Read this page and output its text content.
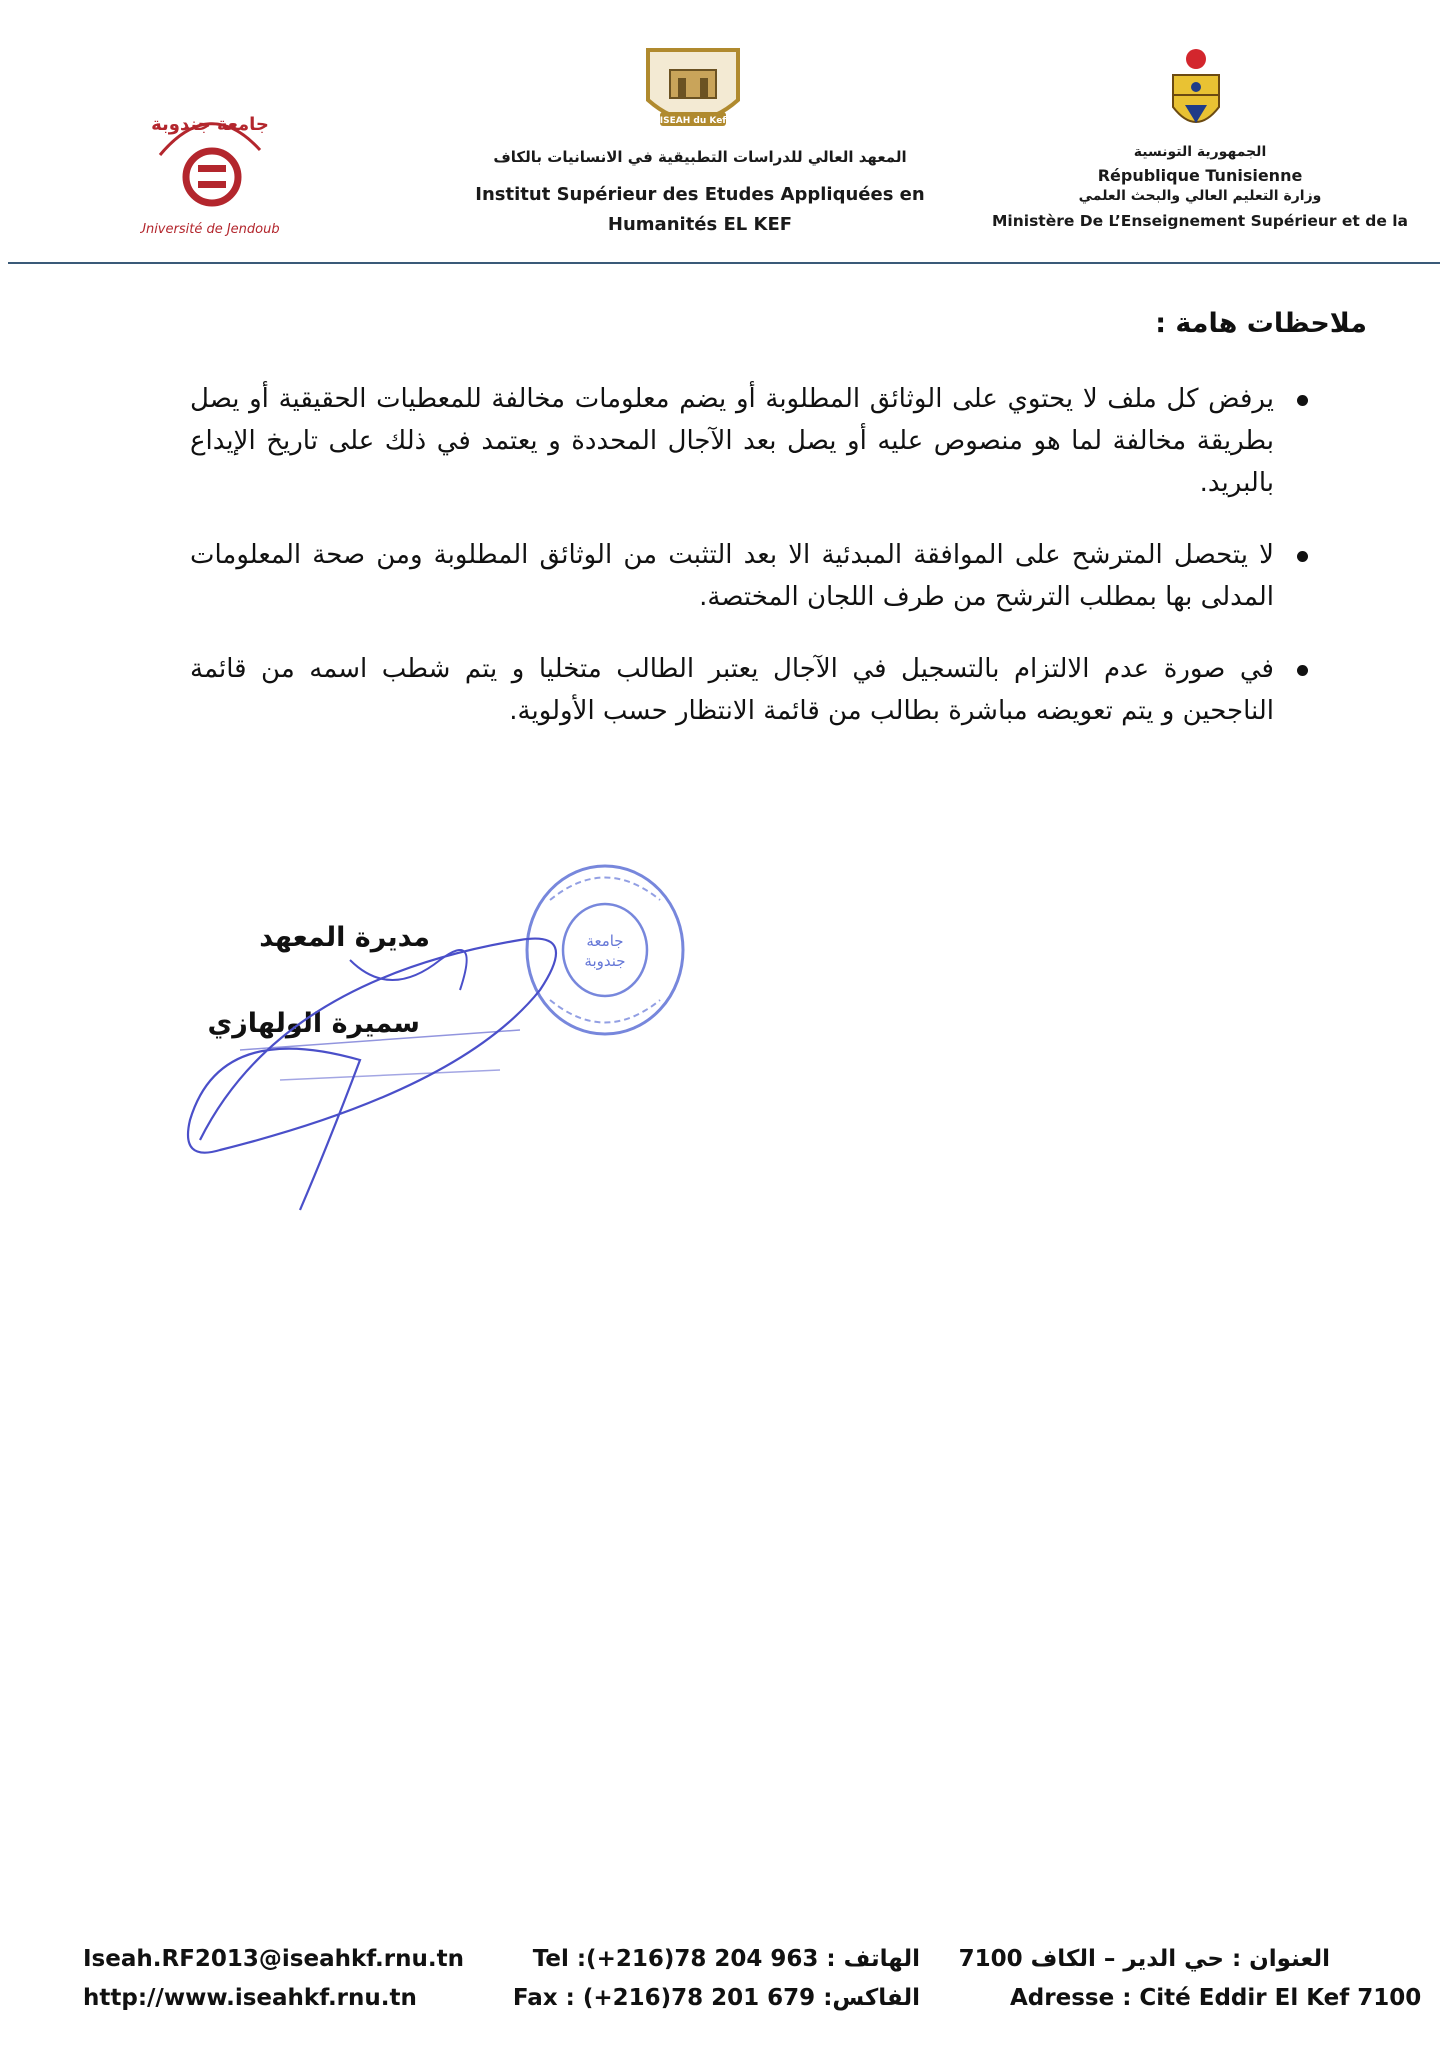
جامعة جندوبة
Université de Jendouba
ISEAH du Kef
المعهد العالي للدراسات التطبيقية في الانسانيات بالكاف
Institut Supérieur des Etudes Appliquées en
Humanités EL KEF
الجمهورية التونسية
République Tunisienne
وزارة التعليم العالي والبحث العلمي
Ministère De L’Enseignement Supérieur et de la
ملاحظات هامة :
يرفض كل ملف لا يحتوي على الوثائق المطلوبة أو يضم معلومات مخالفة للمعطيات الحقيقية أو يصل بطريقة مخالفة لما هو منصوص عليه أو يصل بعد الآجال المحددة و يعتمد في ذلك على تاريخ الإيداع بالبريد.
لا يتحصل المترشح على الموافقة المبدئية الا بعد التثبت من الوثائق المطلوبة ومن صحة المعلومات المدلى بها بمطلب الترشح من طرف اللجان المختصة.
في صورة عدم الالتزام بالتسجيل في الآجال يعتبر الطالب متخليا و يتم شطب اسمه من قائمة الناجحين و يتم تعويضه مباشرة بطالب من قائمة الانتظار حسب الأولوية.
مديرة المعهد
سميرة الولهازي
جامعة
جندوبة
Iseah.RF2013@iseahkf.rnu.tn
http://www.iseahkf.rnu.tn
الهاتف : Tel :(+216)78 204 963
الفاكس: Fax : (+216)78 201 679
العنوان : حي الدير – الكاف 7100
Adresse : Cité Eddir El Kef 7100
